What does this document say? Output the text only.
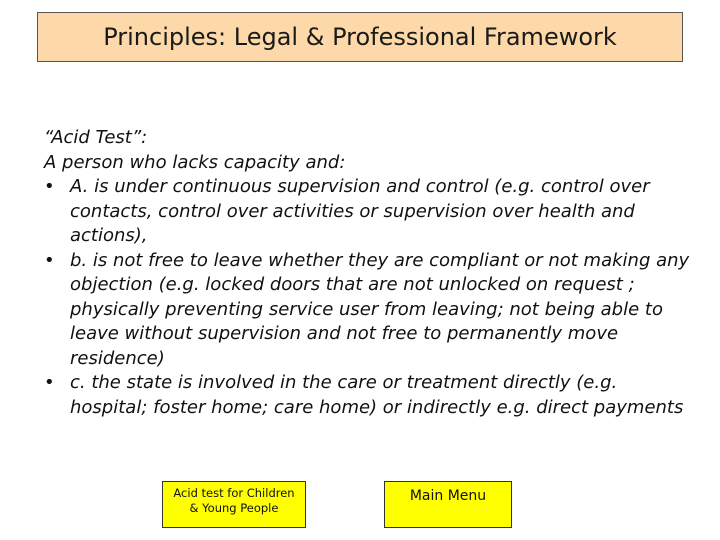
Principles: Legal & Professional Framework

“Acid Test”:

A person who lacks capacity and:

• A. is under continuous supervision and control (e.g. control over contacts, control over activities or supervision over health and actions),
• b. is not free to leave whether they are compliant or not making any objection (e.g. locked doors that are not unlocked on request ; physically preventing service user from leaving; not being able to leave without supervision and not free to permanently move residence)
• c. the state is involved in the care or treatment directly (e.g. hospital; foster home; care home) or indirectly e.g. direct payments
Acid test for Children
& Young People
Main Menu
